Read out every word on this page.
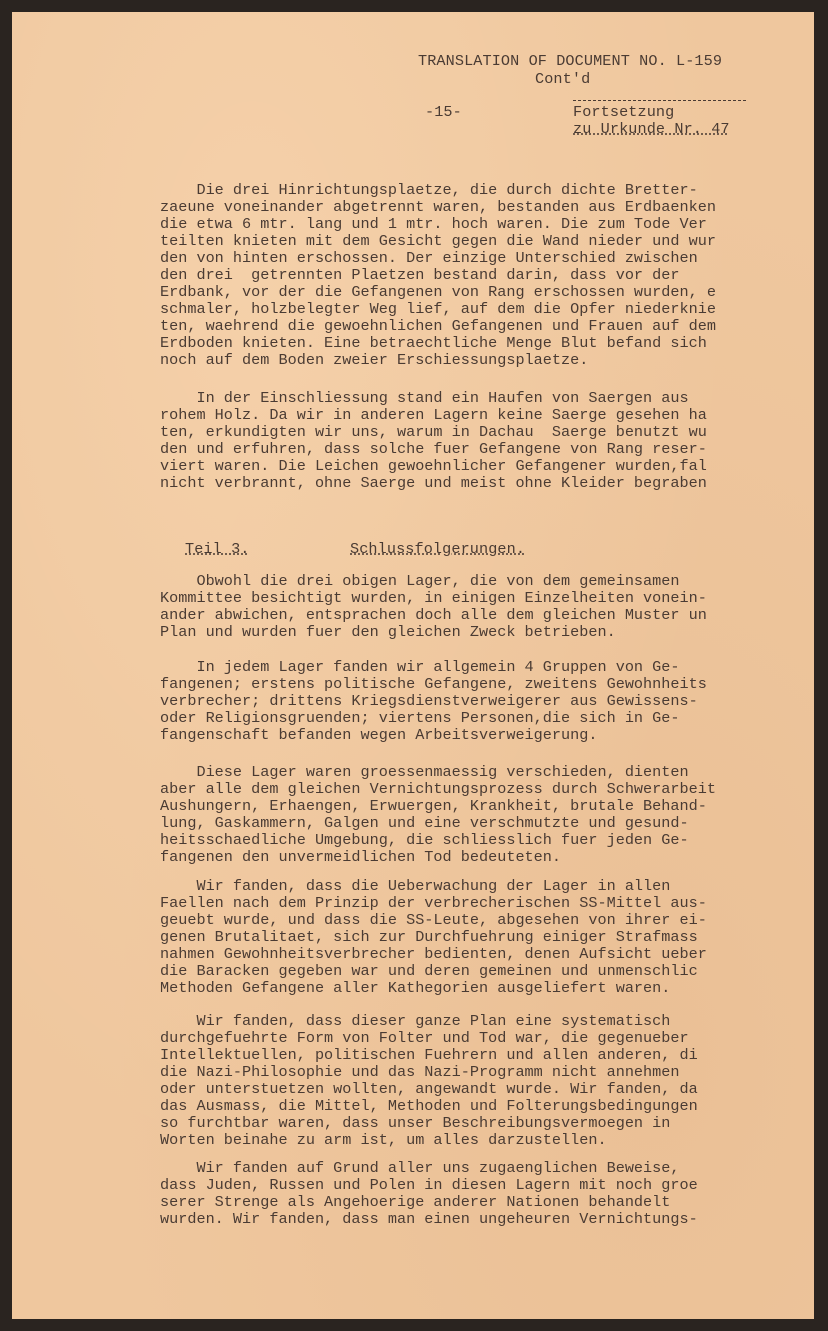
TRANSLATION OF DOCUMENT NO. L-159
Cont'd
-15-	Fortsetzung
zu Urkunde Nr. 47
Teil 3.	Schlussfolgerungen.
Die drei Hinrichtungsplaetze, die durch dichte Bretter-
zaeune voneinander abgetrennt waren, bestanden aus Erdbaenken
die etwa 6 mtr. lang und 1 mtr. hoch waren. Die zum Tode Ver
teilten knieten mit dem Gesicht gegen die Wand nieder und wur
den von hinten erschossen. Der einzige Unterschied zwischen
den drei  getrennten Plaetzen bestand darin, dass vor der
Erdbank, vor der die Gefangenen von Rang erschossen wurden, e
schmaler, holzbelegter Weg lief, auf dem die Opfer niederknie
ten, waehrend die gewoehnlichen Gefangenen und Frauen auf dem
Erdboden knieten. Eine betraechtliche Menge Blut befand sich
noch auf dem Boden zweier Erschiessungsplaetze.
In der Einschliessung stand ein Haufen von Saergen aus
rohem Holz. Da wir in anderen Lagern keine Saerge gesehen ha
ten, erkundigten wir uns, warum in Dachau  Saerge benutzt wu
den und erfuhren, dass solche fuer Gefangene von Rang reser-
viert waren. Die Leichen gewoehnlicher Gefangener wurden,fal
nicht verbrannt, ohne Saerge und meist ohne Kleider begraben
Obwohl die drei obigen Lager, die von dem gemeinsamen
Kommittee besichtigt wurden, in einigen Einzelheiten vonein-
ander abwichen, entsprachen doch alle dem gleichen Muster un
Plan und wurden fuer den gleichen Zweck betrieben.
In jedem Lager fanden wir allgemein 4 Gruppen von Ge-
fangenen; erstens politische Gefangene, zweitens Gewohnheits
verbrecher; drittens Kriegsdienstverweigerer aus Gewissens-
oder Religionsgruenden; viertens Personen,die sich in Ge-
fangenschaft befanden wegen Arbeitsverweigerung.
Diese Lager waren groessenmaessig verschieden, dienten
aber alle dem gleichen Vernichtungsprozess durch Schwerarbeit
Aushungern, Erhaengen, Erwuergen, Krankheit, brutale Behand-
lung, Gaskammern, Galgen und eine verschmutzte und gesund-
heitsschaedliche Umgebung, die schliesslich fuer jeden Ge-
fangenen den unvermeidlichen Tod bedeuteten.
Wir fanden, dass die Ueberwachung der Lager in allen
Faellen nach dem Prinzip der verbrecherischen SS-Mittel aus-
geuebt wurde, und dass die SS-Leute, abgesehen von ihrer ei-
genen Brutalitaet, sich zur Durchfuehrung einiger Strafmass
nahmen Gewohnheitsverbrecher bedienten, denen Aufsicht ueber
die Baracken gegeben war und deren gemeinen und unmenschlic
Methoden Gefangene aller Kathegorien ausgeliefert waren.
Wir fanden, dass dieser ganze Plan eine systematisch
durchgefuehrte Form von Folter und Tod war, die gegenueber
Intellektuellen, politischen Fuehrern und allen anderen, di
die Nazi-Philosophie und das Nazi-Programm nicht annehmen
oder unterstuetzen wollten, angewandt wurde. Wir fanden, da
das Ausmass, die Mittel, Methoden und Folterungsbedingungen
so furchtbar waren, dass unser Beschreibungsvermoegen in
Worten beinahe zu arm ist, um alles darzustellen.
Wir fanden auf Grund aller uns zugaenglichen Beweise,
dass Juden, Russen und Polen in diesen Lagern mit noch groe
serer Strenge als Angehoerige anderer Nationen behandelt
wurden. Wir fanden, dass man einen ungeheuren Vernichtungs-
